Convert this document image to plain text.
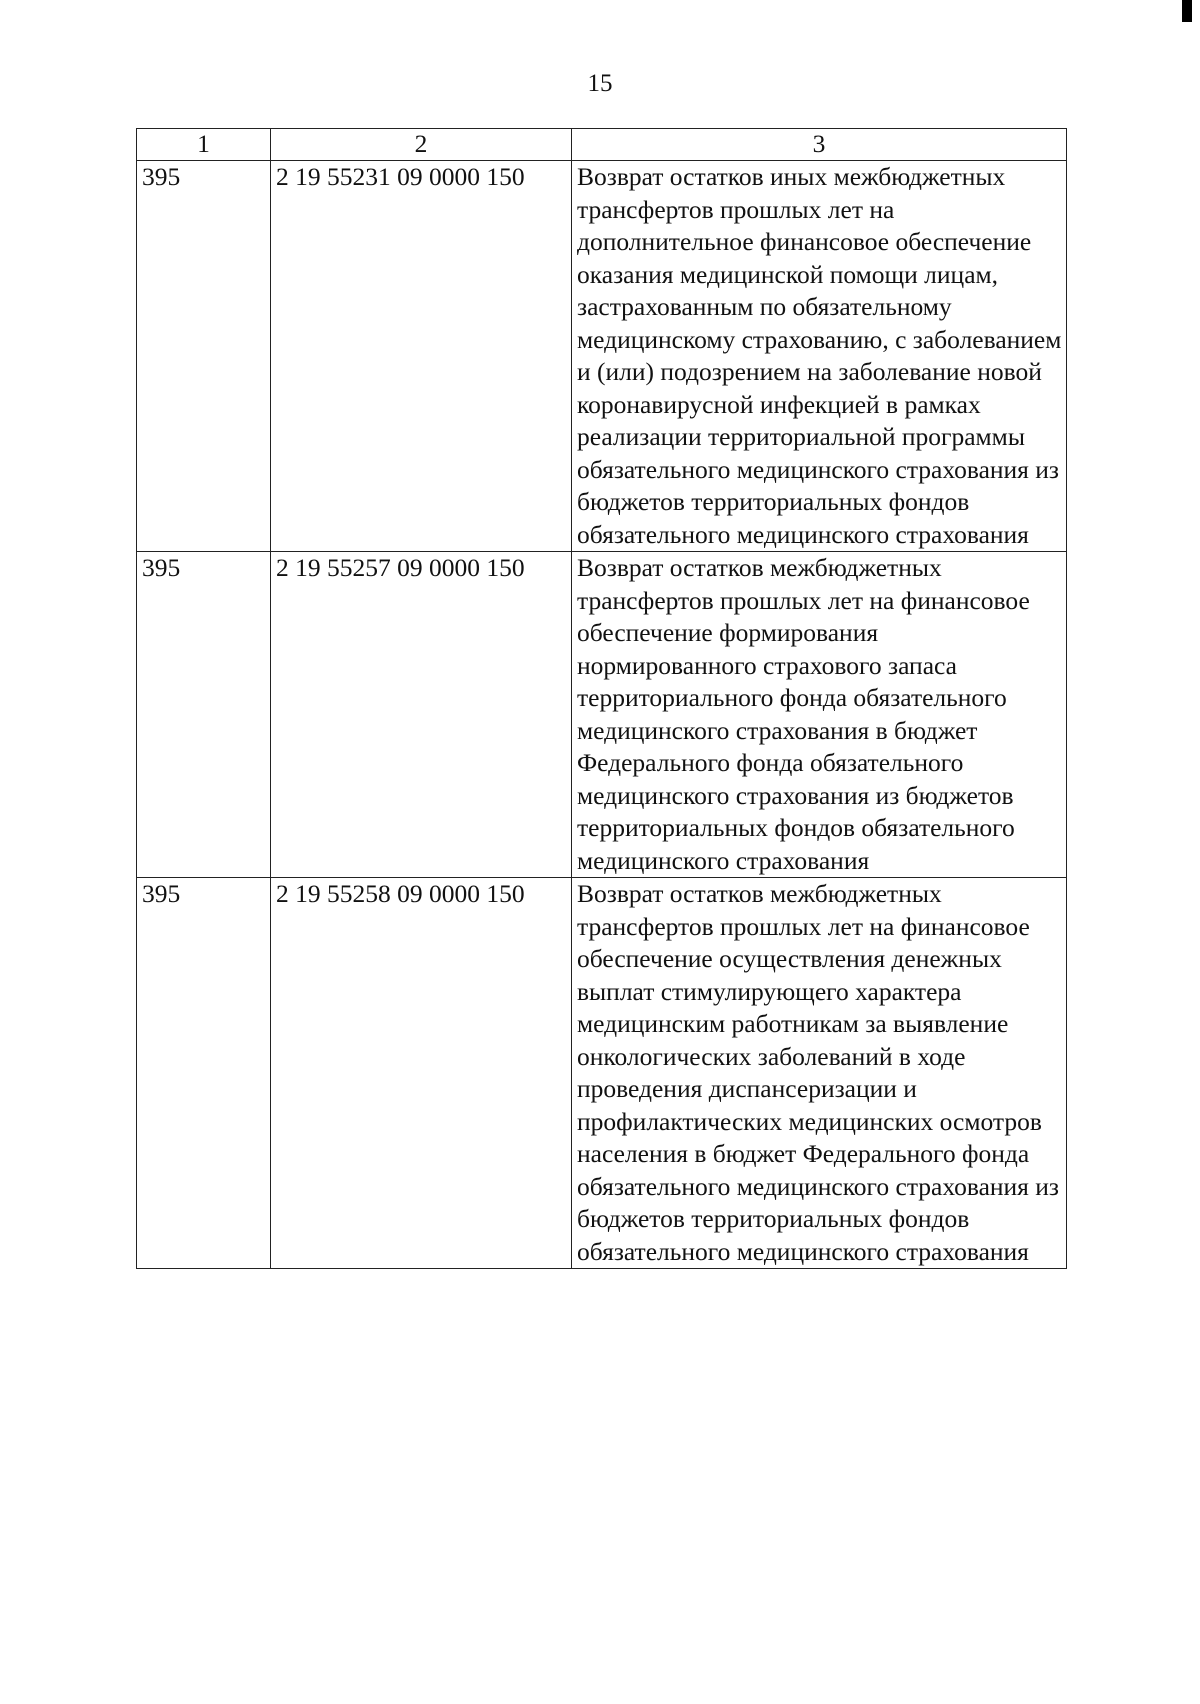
15
1	2	3
395	2 19 55231 09 0000 150	Возврат остатков иных межбюджетных трансфертов прошлых лет на дополнительное финансовое обеспечение оказания медицинской помощи лицам, застрахованным по обязательному медицинскому страхованию, с заболеванием и (или) подозрением на заболевание новой коронавирусной инфекцией в рамках реализации территориальной программы обязательного медицинского страхования из бюджетов территориальных фондов обязательного медицинского страхования
395	2 19 55257 09 0000 150	Возврат остатков межбюджетных трансфертов прошлых лет на финансовое обеспечение формирования нормированного страхового запаса территориального фонда обязательного медицинского страхования в бюджет Федерального фонда обязательного медицинского страхования из бюджетов территориальных фондов обязательного медицинского страхования
395	2 19 55258 09 0000 150	Возврат остатков межбюджетных трансфертов прошлых лет на финансовое обеспечение осуществления денежных выплат стимулирующего характера медицинским работникам за выявление онкологических заболеваний в ходе проведения диспансеризации и профилактических медицинских осмотров населения в бюджет Федерального фонда обязательного медицинского страхования из бюджетов территориальных фондов обязательного медицинского страхования
